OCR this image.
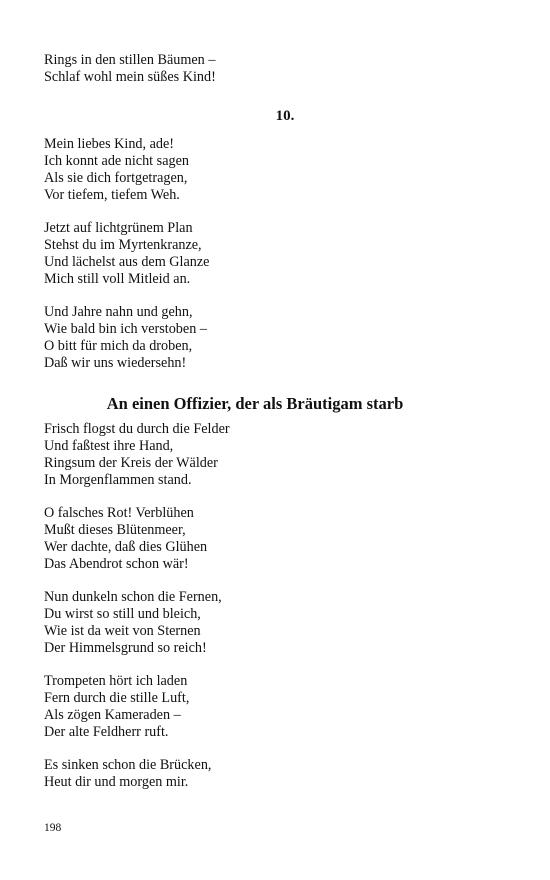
Rings in den stillen Bäumen –
Schlaf wohl mein süßes Kind!
10.
Mein liebes Kind, ade!
Ich konnt ade nicht sagen
Als sie dich fortgetragen,
Vor tiefem, tiefem Weh.
Jetzt auf lichtgrünem Plan
Stehst du im Myrtenkranze,
Und lächelst aus dem Glanze
Mich still voll Mitleid an.
Und Jahre nahn und gehn,
Wie bald bin ich verstoben –
O bitt für mich da droben,
Daß wir uns wiedersehn!
An einen Offizier, der als Bräutigam starb
Frisch flogst du durch die Felder
Und faßtest ihre Hand,
Ringsum der Kreis der Wälder
In Morgenflammen stand.
O falsches Rot! Verblühen
Mußt dieses Blütenmeer,
Wer dachte, daß dies Glühen
Das Abendrot schon wär!
Nun dunkeln schon die Fernen,
Du wirst so still und bleich,
Wie ist da weit von Sternen
Der Himmelsgrund so reich!
Trompeten hört ich laden
Fern durch die stille Luft,
Als zögen Kameraden –
Der alte Feldherr ruft.
Es sinken schon die Brücken,
Heut dir und morgen mir.
198
